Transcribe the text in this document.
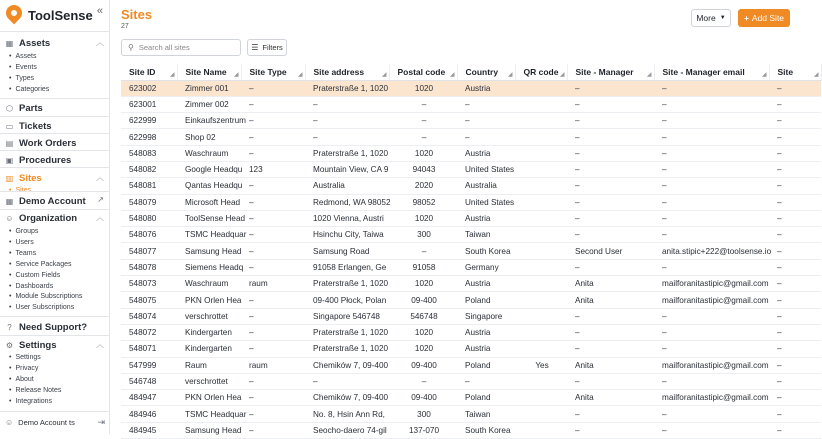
ToolSense «
▦ Assets	︿
• Assets
• Events
• Types
• Categories
⬡ Parts
▭ Tickets
▤ Work Orders
▣ Procedures
▥ Sites	︿
• Sites
▦ Demo Account ↗
☺ Organization ︿
• Groups
• Users
• Teams
• Service Packages
• Custom Fields
• Dashboards
• Module Subscriptions
• User Subscriptions
? Need Support?
⚙ Settings	︿
• Settings
• Privacy
• About
• Release Notes
• Integrations
☺ Demo Account ts	⇥
Sites
27
More ▼ + Add Site
⚲
Search all sites	☰ Filters
Site ID ◢	Site Name ◢	Site Type ◢	Site address ◢	Postal code ◢	Country ◢	QR code ◢	Site - Manager ◢	Site - Manager email ◢	Site ◢

623002	Zimmer 001	–	Praterstraße 1, 1020	1020	Austria		–	–	–
623001	Zimmer 002	–	–	–	–		–	–	–
622999	Einkaufszentrum	–	–	–	–		–	–	–
622998	Shop 02	–	–	–	–		–	–	–
548083	Waschraum	–	Praterstraße 1, 1020	1020	Austria		–	–	–
548082	Google Headqu	123	Mountain View, CA 9	94043	United States		–	–	–
548081	Qantas Headqu	–	Australia	2020	Australia		–	–	–
548079	Microsoft Head	–	Redmond, WA 98052	98052	United States		–	–	–
548080	ToolSense Head	–	1020 Vienna, Austri	1020	Austria		–	–	–
548076	TSMC Headquar	–	Hsinchu City, Taiwa	300	Taiwan		–	–	–
548077	Samsung Head	–	Samsung Road	–	South Korea		Second User	anita.stipic+222@toolsense.io	–
548078	Siemens Headq	–	91058 Erlangen, Ge	91058	Germany		–	–	–
548073	Waschraum	raum	Praterstraße 1, 1020	1020	Austria		Anita	mailforanitastipic@gmail.com	–
548075	PKN Orlen Hea	–	09-400 Płock, Polan	09-400	Poland		Anita	mailforanitastipic@gmail.com	–
548074	verschrottet	–	Singapore 546748	546748	Singapore		–	–	–
548072	Kindergarten	–	Praterstraße 1, 1020	1020	Austria		–	–	–
548071	Kindergarten	–	Praterstraße 1, 1020	1020	Austria		–	–	–
547999	Raum	raum	Chemików 7, 09-400	09-400	Poland	Yes	Anita	mailforanitastipic@gmail.com	–
546748	verschrottet	–	–	–	–		–	–	–
484947	PKN Orlen Hea	–	Chemików 7, 09-400	09-400	Poland		Anita	mailforanitastipic@gmail.com	–
484946	TSMC Headquar	–	No. 8, Hsin Ann Rd,	300	Taiwan		–	–	–
484945	Samsung Head	–	Seocho-daero 74-gil	137-070	South Korea		–	–	–
